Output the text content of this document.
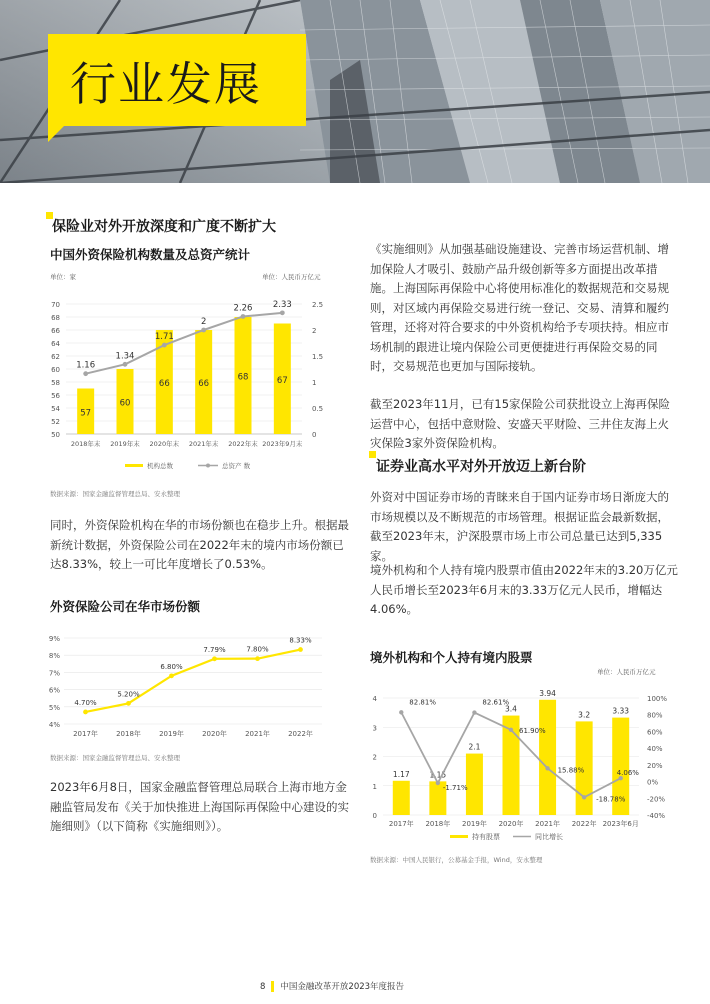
行业发展
保险业对外开放深度和广度不断扩大
中国外资保险机构数量及总资产统计
单位：家	单位：人民币万亿元
50
52
54
56
58
60
62
64
66
68
70
0
0.5
1
1.5
2
2.5
57
2018年末
60
2019年末
66
2020年末
66
2021年末
68
2022年末
67
2023年9月末
1.16
1.34
1.71
2
2.26 2.33
机构总数	总资产 数
数据来源：国家金融监督管理总局、安永整理

同时，外资保险机构在华的市场份额也在稳步上升。根据最新统计数据，外资保险公司在2022年末的境内市场份额已达8.33%，较上一可比年度增长了0.53%。

外资保险公司在华市场份额
4%
5%
6%
7%
8%
9%
2017年	2018年	2019年	2020年	2021年	2022年
4.70%
5.20%
6.80%
7.79%	7.80%
8.33%
数据来源：国家金融监督管理总局、安永整理

2023年6月8日，国家金融监督管理总局联合上海市地方金融监管局发布《关于加快推进上海国际再保险中心建设的实施细则》（以下简称《实施细则》）。

《实施细则》从加强基础设施建设、完善市场运营机制、增加保险人才吸引、鼓励产品升级创新等多方面提出改革措施。上海国际再保险中心将使用标准化的数据规范和交易规则，对区域内再保险交易进行统一登记、交易、清算和履约管理，还将对符合要求的中外资机构给予专项扶持。相应市场机制的跟进让境内保险公司更便捷进行再保险交易的同时，交易规范也更加与国际接轨。

截至2023年11月，已有15家保险公司获批设立上海再保险运营中心，包括中意财险、安盛天平财险、三井住友海上火灾保险3家外资保险机构。

证券业高水平对外开放迈上新台阶

外资对中国证券市场的青睐来自于国内证券市场日渐庞大的市场规模以及不断规范的市场管理。根据证监会最新数据，截至2023年末，沪深股票市场上市公司总量已达到5,335家。

境外机构和个人持有境内股票市值由2022年末的3.20万亿元人民币增长至2023年6月末的3.33万亿元人民币，增幅达4.06%。

境外机构和个人持有境内股票
单位：人民币万亿元
0
1
2
3
4
-40%
-20%
0%
20%
40%
60%
80%
100%
1.17
2017年
1.15
2018年
2.1
2019年
3.4
2020年
3.94
2021年
3.2
2022年
3.33
2023年6月
82.81%
-1.71%
82.61%
61.90%
15.88%
-18.78%
4.06%
持有股票	同比增长
数据来源：中国人民银行，公募基金手报，Wind，安永整理
8 中国金融改革开放2023年度报告
